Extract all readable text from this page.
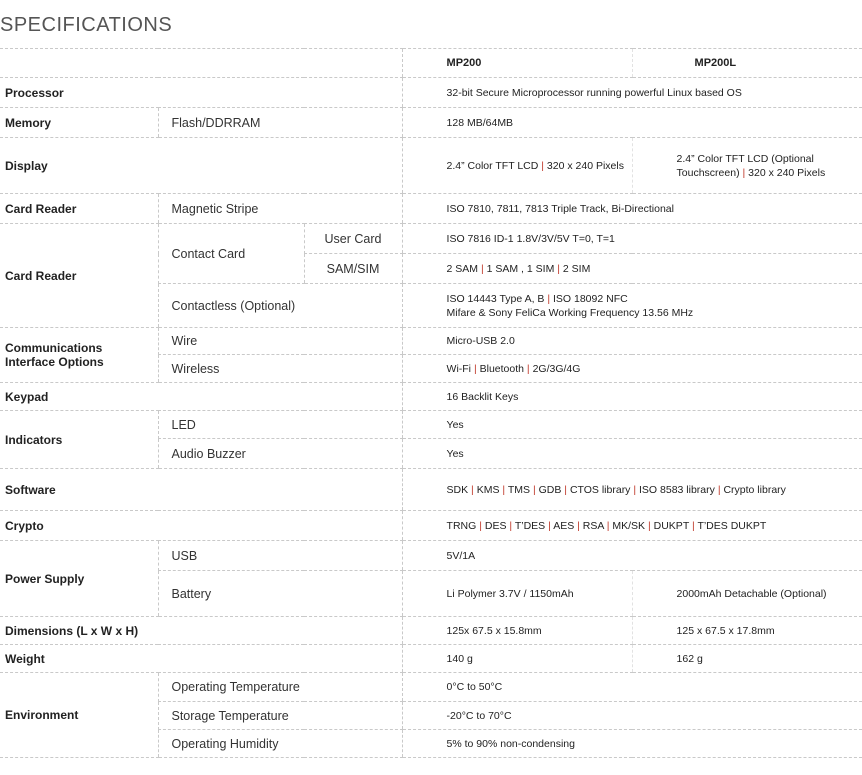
SPECIFICATIONS
			MP200	MP200L
Processor			32-bit Secure Microprocessor running powerful Linux based OS	
Memory	Flash/DDRRAM		128 MB/64MB	
Display			2.4” Color TFT LCD | 320 x 240 Pixels	2.4” Color TFT LCD (Optional Touchscreen) | 320 x 240 Pixels
Card Reader	Magnetic Stripe		ISO 7810, 7811, 7813 Triple Track, Bi-Directional	
Card Reader	Contact Card	User Card	ISO 7816 ID-1 1.8V/3V/5V T=0, T=1	
		SAM/SIM	2 SAM | 1 SAM , 1 SIM | 2 SIM	
	Contactless (Optional)		ISO 14443 Type A, B | ISO 18092 NFC
Mifare & Sony FeliCa Working Frequency 13.56 MHz	
Communications
Interface Options	Wire		Micro-USB 2.0	
	Wireless		Wi-Fi | Bluetooth | 2G/3G/4G	
Keypad			16 Backlit Keys	
Indicators	LED		Yes	
	Audio Buzzer		Yes	
Software			SDK | KMS | TMS | GDB | CTOS library | ISO 8583 library | Crypto library	
Crypto			TRNG | DES | T’DES | AES | RSA | MK/SK | DUKPT | T’DES DUKPT	
Power Supply	USB		5V/1A	
	Battery		Li Polymer 3.7V / 1150mAh	2000mAh Detachable (Optional)
Dimensions (L x W x H)			125x 67.5 x 15.8mm	125 x 67.5 x 17.8mm
Weight			140 g	162 g
Environment	Operating Temperature		0°C to 50°C	
	Storage Temperature		-20°C to 70°C	
	Operating Humidity		5% to 90% non-condensing	
